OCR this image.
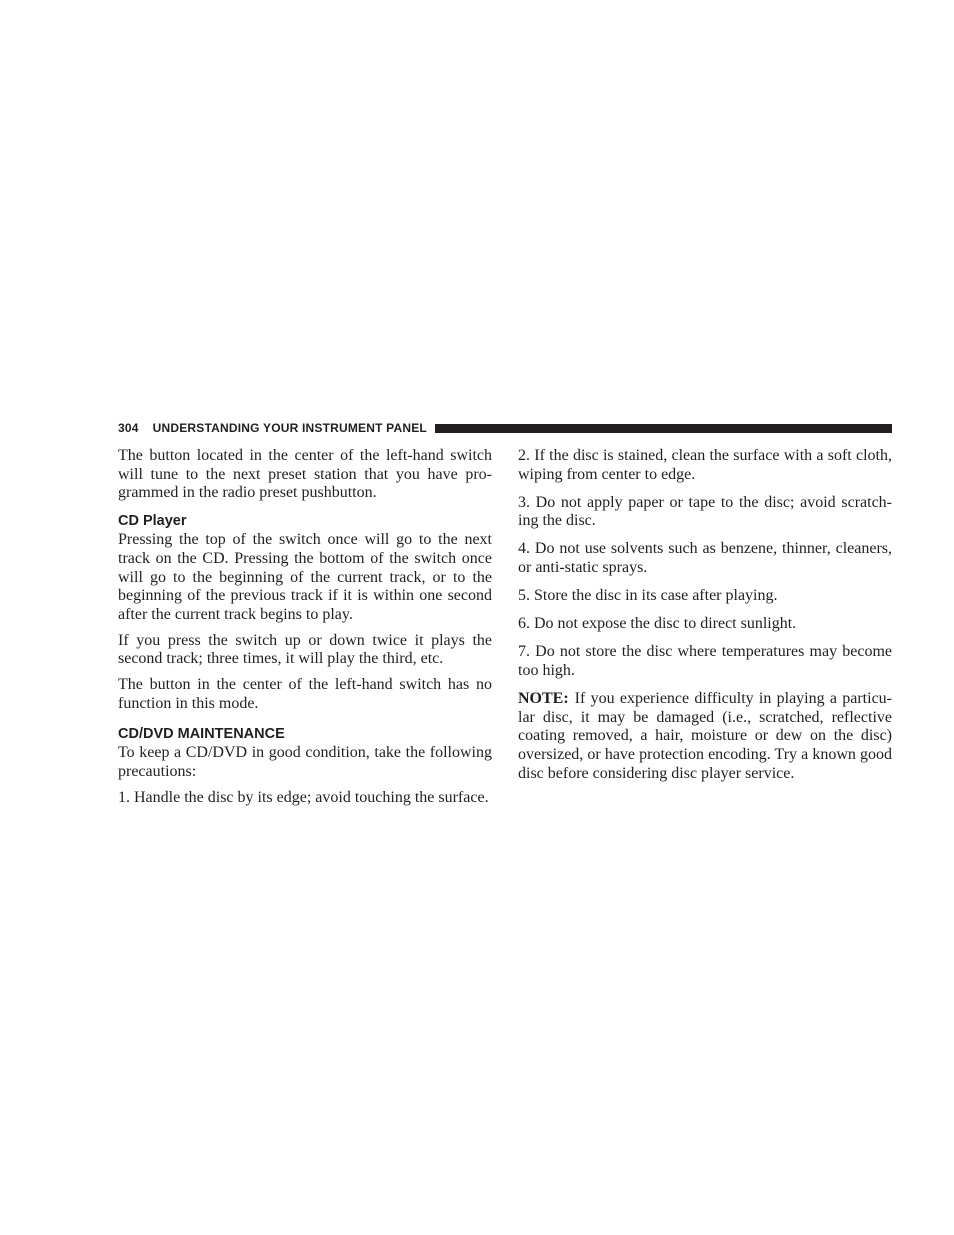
304 UNDERSTANDING YOUR INSTRUMENT PANEL

The button located in the center of the left-hand switch will tune to the next preset station that you have pro-grammed in the radio preset pushbutton.

CD Player

Pressing the top of the switch once will go to the next track on the CD. Pressing the bottom of the switch once will go to the beginning of the current track, or to the beginning of the previous track if it is within one second after the current track begins to play.

If you press the switch up or down twice it plays the second track; three times, it will play the third, etc.

The button in the center of the left-hand switch has no function in this mode.

CD/DVD MAINTENANCE

To keep a CD/DVD in good condition, take the following precautions:

1. Handle the disc by its edge; avoid touching the surface.

2. If the disc is stained, clean the surface with a soft cloth, wiping from center to edge.

3. Do not apply paper or tape to the disc; avoid scratch-ing the disc.

4. Do not use solvents such as benzene, thinner, cleaners, or anti-static sprays.

5. Store the disc in its case after playing.

6. Do not expose the disc to direct sunlight.

7. Do not store the disc where temperatures may become too high.

NOTE: If you experience difficulty in playing a particu-lar disc, it may be damaged (i.e., scratched, reflective coating removed, a hair, moisture or dew on the disc) oversized, or have protection encoding. Try a known good disc before considering disc player service.
